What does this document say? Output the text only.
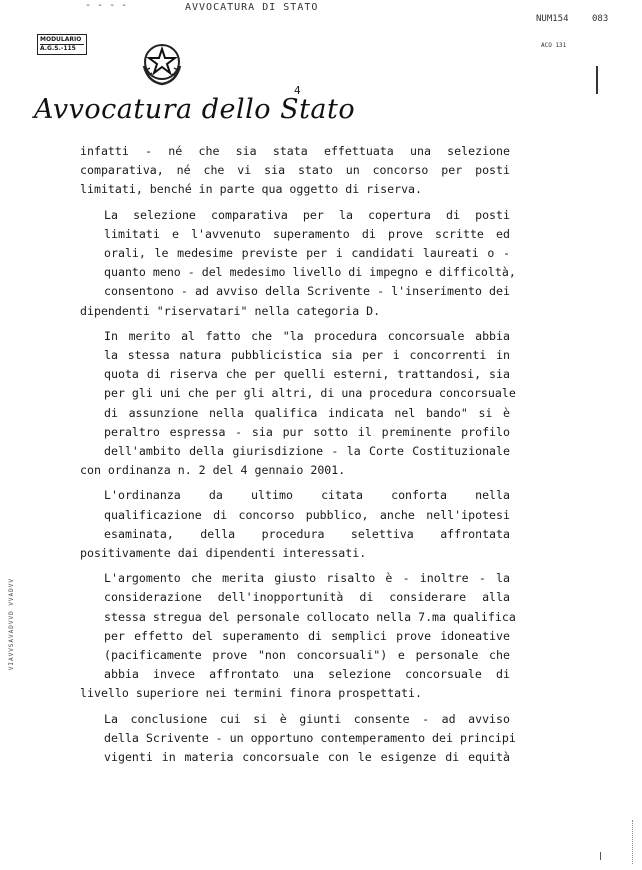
- - - -	AVVOCATURA DI STATO
NUM154	083
ACO 131
MODULARIO
A.G.S.-115
4
Avvocatura dello Stato

infatti - né che sia stata effettuata una selezione
comparativa, né che vi sia stato un concorso per posti
limitati, benché in parte qua oggetto di riserva.

La selezione comparativa per la copertura di posti
limitati e l'avvenuto superamento di prove scritte ed
orali, le medesime previste per i candidati laureati o -
quanto meno - del medesimo livello di impegno e difficoltà,
consentono - ad avviso della Scrivente - l'inserimento dei
dipendenti "riservatari" nella categoria D.

In merito al fatto che "la procedura concorsuale abbia
la stessa natura pubblicistica sia per i concorrenti in
quota di riserva che per quelli esterni, trattandosi, sia
per gli uni che per gli altri, di una procedura concorsuale
di assunzione nella qualifica indicata nel bando" si è
peraltro espressa - sia pur sotto il preminente profilo
dell'ambito della giurisdizione - la Corte Costituzionale
con ordinanza n. 2 del 4 gennaio 2001.

L'ordinanza da ultimo citata conforta nella
qualificazione di concorso pubblico, anche nell'ipotesi
esaminata, della procedura selettiva affrontata
positivamente dai dipendenti interessati.

L'argomento che merita giusto risalto è - inoltre - la
considerazione dell'inopportunità di considerare alla
stessa stregua del personale collocato nella 7.ma qualifica
per effetto del superamento di semplici prove idoneative
(pacificamente prove "non concorsuali") e personale che
abbia invece affrontato una selezione concorsuale di
livello superiore nei termini finora prospettati.

La conclusione cui si è giunti consente - ad avviso
della Scrivente - un opportuno contemperamento dei principi
vigenti in materia concorsuale con le esigenze di equità

VIAVVSAVADVVD VVADVV
